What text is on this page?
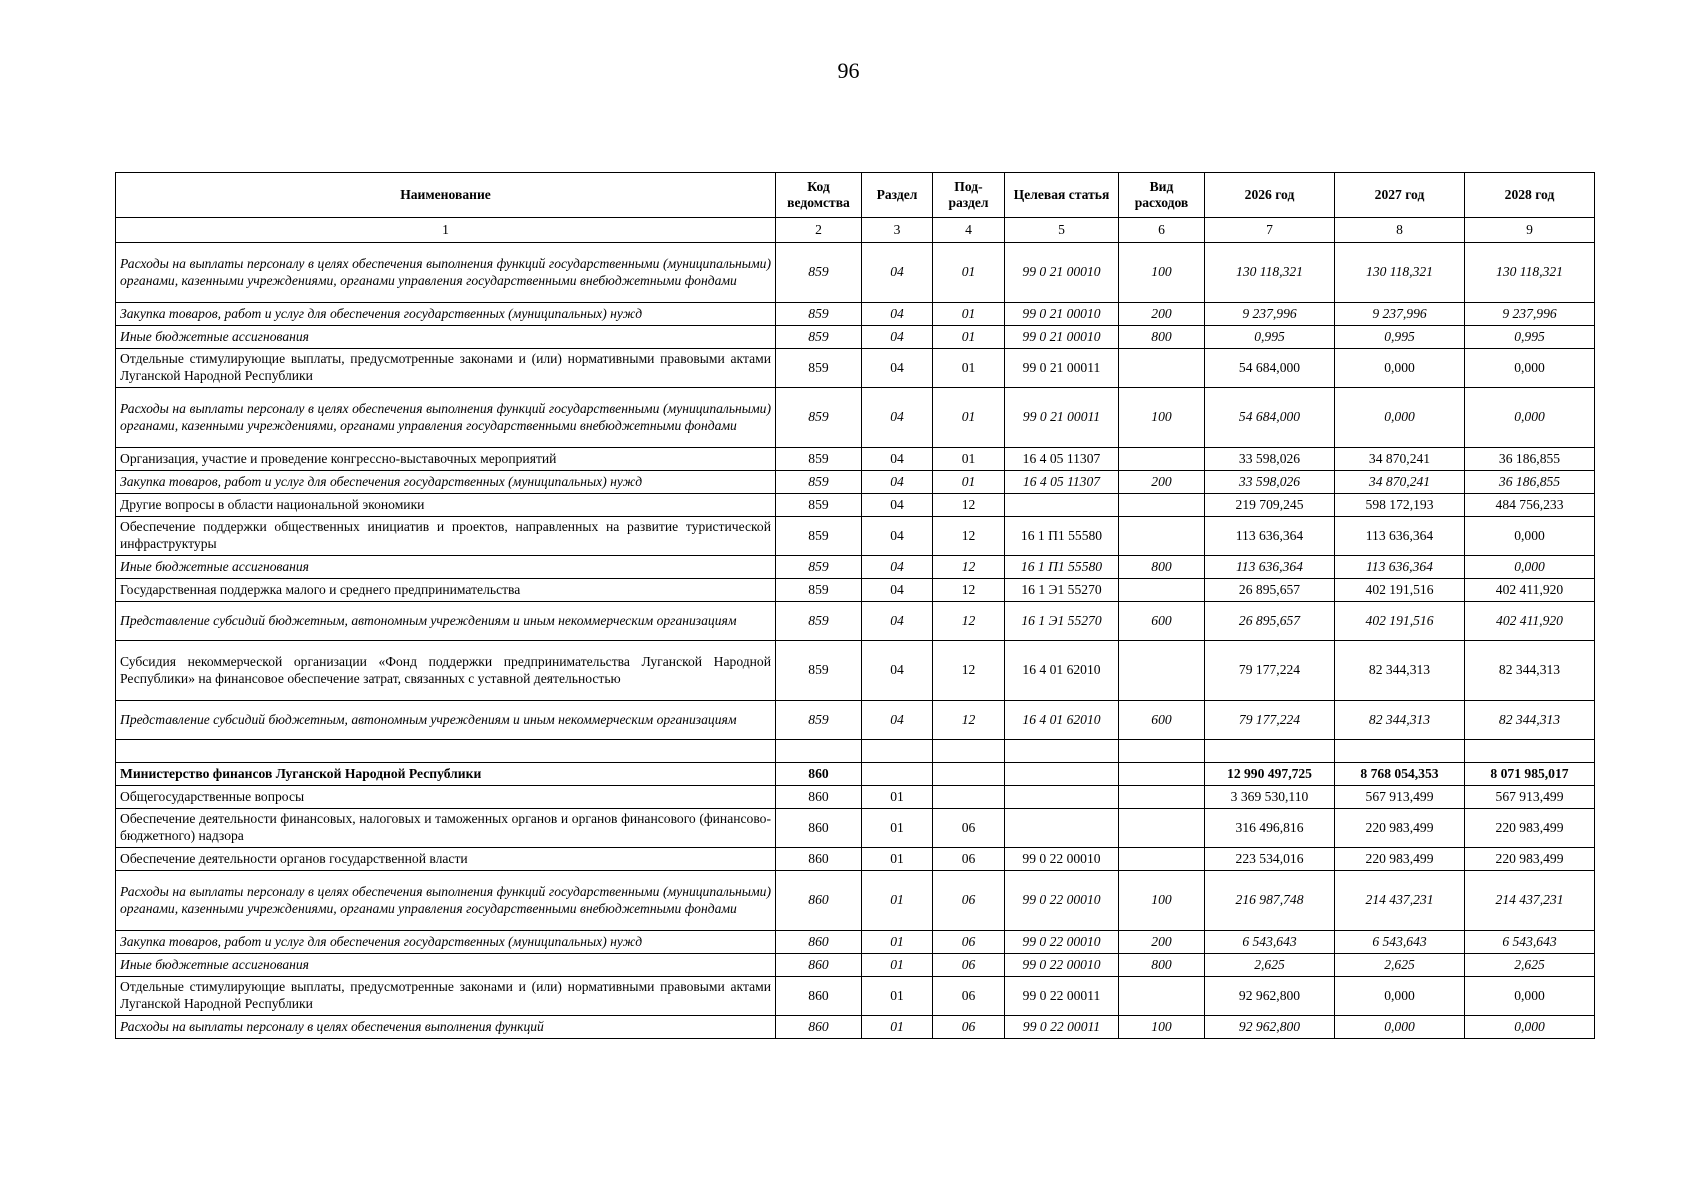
96
Наименование	Код ведомства	Раздел	Под-раздел	Целевая статья	Вид расходов	2026 год	2027 год	2028 год
1	2	3	4	5	6	7	8	9
Расходы на выплаты персоналу в целях обеспечения выполнения функций государственными (муниципальными) органами, казенными учреждениями, органами управления государственными внебюджетными фондами	859	04	01	99 0 21 00010	100	130 118,321	130 118,321	130 118,321
Закупка товаров, работ и услуг для обеспечения государственных (муниципальных) нужд	859	04	01	99 0 21 00010	200	9 237,996	9 237,996	9 237,996
Иные бюджетные ассигнования	859	04	01	99 0 21 00010	800	0,995	0,995	0,995
Отдельные стимулирующие выплаты, предусмотренные законами и (или) нормативными правовыми актами Луганской Народной Республики	859	04	01	99 0 21 00011		54 684,000	0,000	0,000
Расходы на выплаты персоналу в целях обеспечения выполнения функций государственными (муниципальными) органами, казенными учреждениями, органами управления государственными внебюджетными фондами	859	04	01	99 0 21 00011	100	54 684,000	0,000	0,000
Организация, участие и проведение конгрессно-выставочных мероприятий	859	04	01	16 4 05 11307		33 598,026	34 870,241	36 186,855
Закупка товаров, работ и услуг для обеспечения государственных (муниципальных) нужд	859	04	01	16 4 05 11307	200	33 598,026	34 870,241	36 186,855
Другие вопросы в области национальной экономики	859	04	12			219 709,245	598 172,193	484 756,233
Обеспечение поддержки общественных инициатив и проектов, направленных на развитие туристической инфраструктуры	859	04	12	16 1 П1 55580		113 636,364	113 636,364	0,000
Иные бюджетные ассигнования	859	04	12	16 1 П1 55580	800	113 636,364	113 636,364	0,000
Государственная поддержка малого и среднего предпринимательства	859	04	12	16 1 Э1 55270		26 895,657	402 191,516	402 411,920
Представление субсидий бюджетным, автономным учреждениям и иным некоммерческим организациям	859	04	12	16 1 Э1 55270	600	26 895,657	402 191,516	402 411,920
Субсидия некоммерческой организации «Фонд поддержки предпринимательства Луганской Народной Республики» на финансовое обеспечение затрат, связанных с уставной деятельностью	859	04	12	16 4 01 62010		79 177,224	82 344,313	82 344,313
Представление субсидий бюджетным, автономным учреждениям и иным некоммерческим организациям	859	04	12	16 4 01 62010	600	79 177,224	82 344,313	82 344,313

Министерство финансов Луганской Народной Республики	860					12 990 497,725	8 768 054,353	8 071 985,017
Общегосударственные вопросы	860	01				3 369 530,110	567 913,499	567 913,499
Обеспечение деятельности финансовых, налоговых и таможенных органов и органов финансового (финансово-бюджетного) надзора	860	01	06			316 496,816	220 983,499	220 983,499
Обеспечение деятельности органов государственной власти	860	01	06	99 0 22 00010		223 534,016	220 983,499	220 983,499
Расходы на выплаты персоналу в целях обеспечения выполнения функций государственными (муниципальными) органами, казенными учреждениями, органами управления государственными внебюджетными фондами	860	01	06	99 0 22 00010	100	216 987,748	214 437,231	214 437,231
Закупка товаров, работ и услуг для обеспечения государственных (муниципальных) нужд	860	01	06	99 0 22 00010	200	6 543,643	6 543,643	6 543,643
Иные бюджетные ассигнования	860	01	06	99 0 22 00010	800	2,625	2,625	2,625
Отдельные стимулирующие выплаты, предусмотренные законами и (или) нормативными правовыми актами Луганской Народной Республики	860	01	06	99 0 22 00011		92 962,800	0,000	0,000
Расходы на выплаты персоналу в целях обеспечения выполнения функций	860	01	06	99 0 22 00011	100	92 962,800	0,000	0,000
